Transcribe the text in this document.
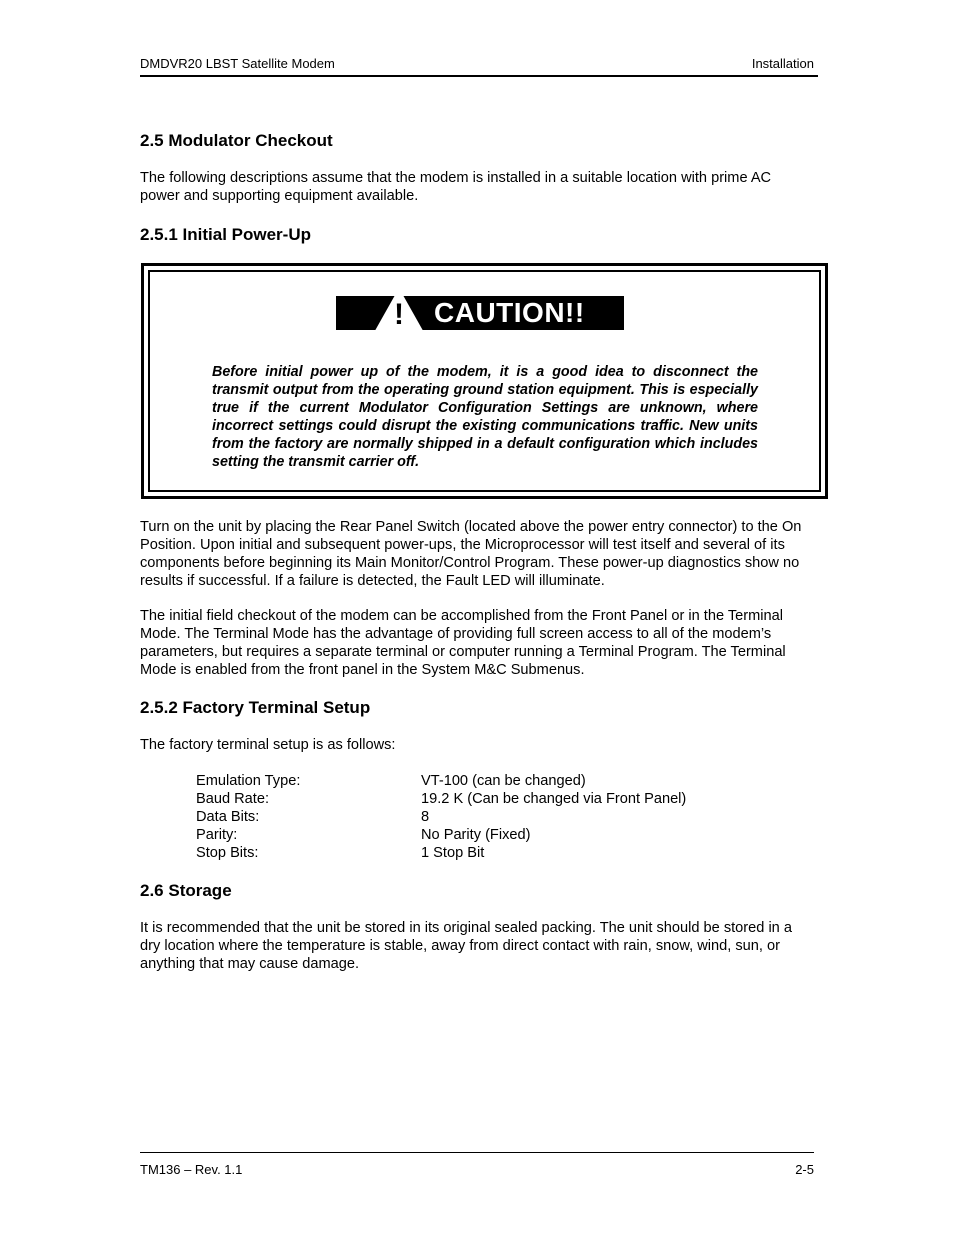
DMDVR20 LBST Satellite Modem	Installation
2.5 Modulator Checkout

The following descriptions assume that the modem is installed in a suitable location with prime AC power and supporting equipment available.

2.5.1 Initial Power-Up
! CAUTION!!

Before initial power up of the modem, it is a good idea to disconnect the transmit output from the operating ground station equipment. This is especially true if the current Modulator Configuration Settings are unknown, where incorrect settings could disrupt the existing communications traffic. New units from the factory are normally shipped in a default configuration which includes setting the transmit carrier off.

Turn on the unit by placing the Rear Panel Switch (located above the power entry connector) to the On Position. Upon initial and subsequent power-ups, the Microprocessor will test itself and several of its components before beginning its Main Monitor/Control Program. These power-up diagnostics show no results if successful. If a failure is detected, the Fault LED will illuminate.

The initial field checkout of the modem can be accomplished from the Front Panel or in the Terminal Mode. The Terminal Mode has the advantage of providing full screen access to all of the modem’s parameters, but requires a separate terminal or computer running a Terminal Program. The Terminal Mode is enabled from the front panel in the System M&C Submenus.

2.5.2 Factory Terminal Setup

The factory terminal setup is as follows:

Emulation Type:	VT-100 (can be changed)
Baud Rate:	19.2 K (Can be changed via Front Panel)
Data Bits:	8
Parity:	No Parity (Fixed)
Stop Bits:	1 Stop Bit
2.6 Storage

It is recommended that the unit be stored in its original sealed packing. The unit should be stored in a dry location where the temperature is stable, away from direct contact with rain, snow, wind, sun, or anything that may cause damage.

TM136 – Rev. 1.1	2-5
